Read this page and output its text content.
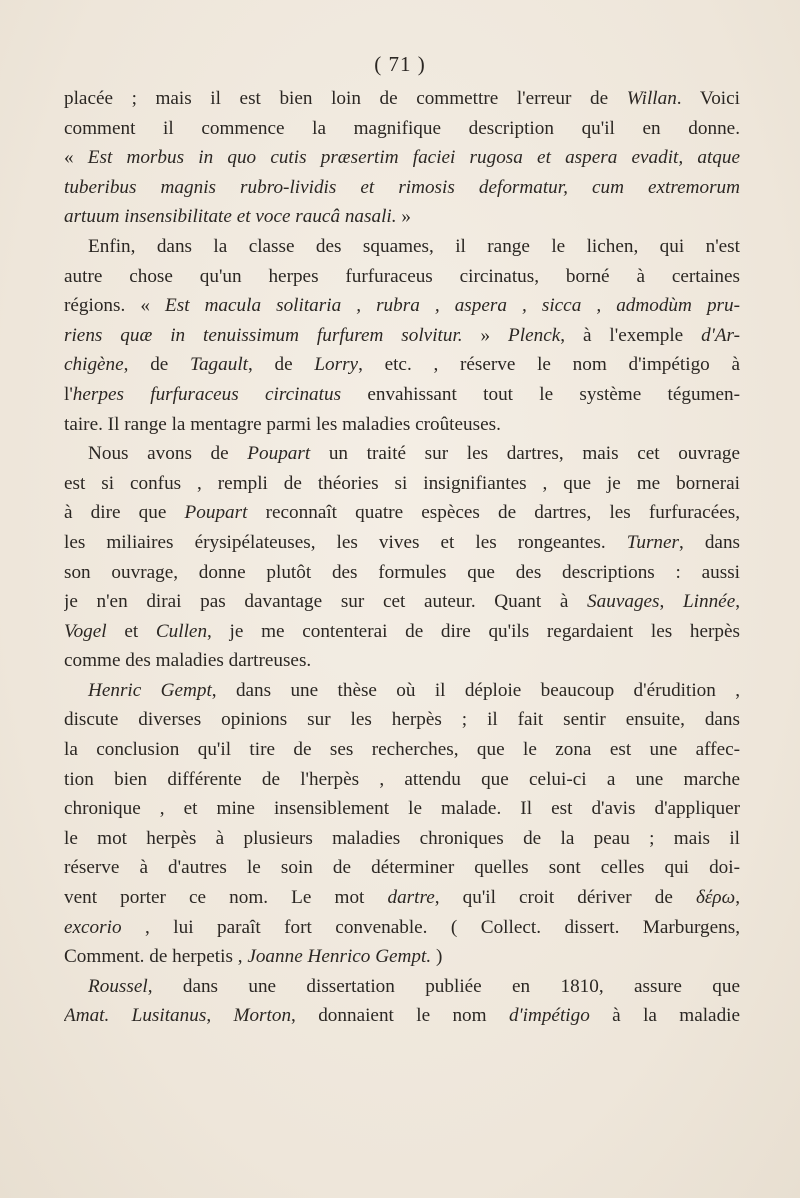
( 71 )
placée ; mais il est bien loin de commettre l'erreur de Willan. Voici
comment il commence la magnifique description qu'il en donne.
« Est morbus in quo cutis præsertim faciei rugosa et aspera evadit, atque
tuberibus magnis rubro-lividis et rimosis deformatur, cum extremorum
artuum insensibilitate et voce raucâ nasali. »
Enfin, dans la classe des squames, il range le lichen, qui n'est
autre chose qu'un herpes furfuraceus circinatus, borné à certaines
régions. « Est macula solitaria , rubra , aspera , sicca , admodùm pru-
riens quæ in tenuissimum furfurem solvitur. » Plenck, à l'exemple d'Ar-
chigène, de Tagault, de Lorry, etc. , réserve le nom d'impétigo à
l'herpes furfuraceus circinatus envahissant tout le système tégumen-
taire. Il range la mentagre parmi les maladies croûteuses.
Nous avons de Poupart un traité sur les dartres, mais cet ouvrage
est si confus , rempli de théories si insignifiantes , que je me bornerai
à dire que Poupart reconnaît quatre espèces de dartres, les furfuracées,
les miliaires érysipélateuses, les vives et les rongeantes. Turner, dans
son ouvrage, donne plutôt des formules que des descriptions : aussi
je n'en dirai pas davantage sur cet auteur. Quant à Sauvages, Linnée,
Vogel et Cullen, je me contenterai de dire qu'ils regardaient les herpès
comme des maladies dartreuses.
Henric Gempt, dans une thèse où il déploie beaucoup d'érudition ,
discute diverses opinions sur les herpès ; il fait sentir ensuite, dans
la conclusion qu'il tire de ses recherches, que le zona est une affec-
tion bien différente de l'herpès , attendu que celui-ci a une marche
chronique , et mine insensiblement le malade. Il est d'avis d'appliquer
le mot herpès à plusieurs maladies chroniques de la peau ; mais il
réserve à d'autres le soin de déterminer quelles sont celles qui doi-
vent porter ce nom. Le mot dartre, qu'il croit dériver de δέρω,
excorio , lui paraît fort convenable. ( Collect. dissert. Marburgens,
Comment. de herpetis , Joanne Henrico Gempt. )
Roussel, dans une dissertation publiée en 1810, assure que
Amat. Lusitanus, Morton, donnaient le nom d'impétigo à la maladie
